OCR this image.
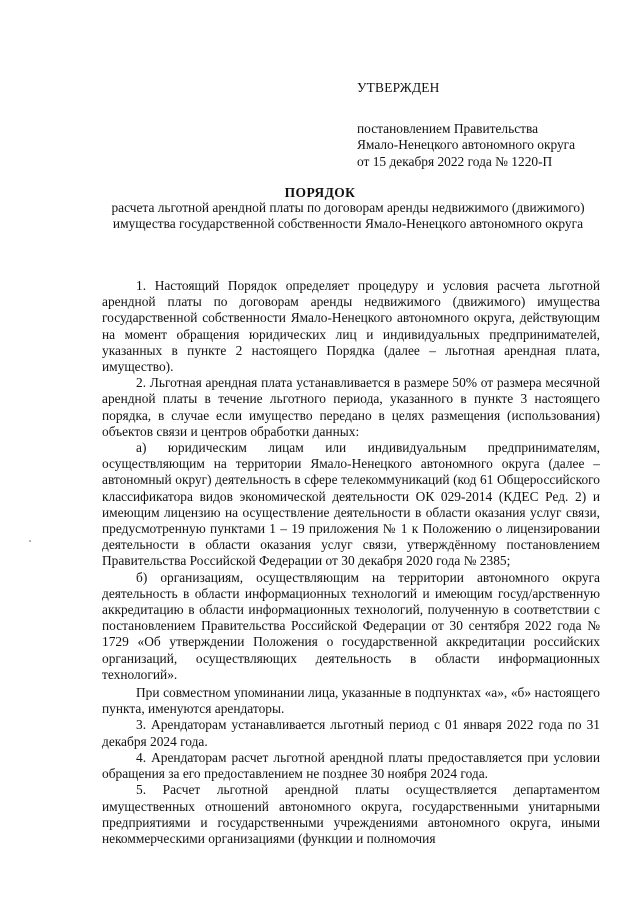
УТВЕРЖДЕН

постановлением Правительства

Ямало-Ненецкого автономного округа

от 15 декабря 2022 года № 1220-П

ПОРЯДОК

расчета льготной арендной платы по договорам аренды недвижимого (движимого) имущества государственной собственности Ямало-Ненецкого автономного округа

1. Настоящий Порядок определяет процедуру и условия расчета льготной арендной платы по договорам аренды недвижимого (движимого) имущества государственной собственности Ямало-Ненецкого автономного округа, действующим на момент обращения юридических лиц и индивидуальных предпринимателей, указанных в пункте 2 настоящего Порядка (далее – льготная арендная плата, имущество).

2. Льготная арендная плата устанавливается в размере 50% от размера месячной арендной платы в течение льготного периода, указанного в пункте 3 настоящего порядка, в случае если имущество передано в целях размещения (использования) объектов связи и центров обработки данных:

а) юридическим лицам или индивидуальным предпринимателям, осуществляющим на территории Ямало-Ненецкого автономного округа (далее – автономный округ) деятельность в сфере телекоммуникаций (код 61 Общероссийского классификатора видов экономической деятельности ОК 029-2014 (КДЕС Ред. 2) и имеющим лицензию на осуществление деятельности в области оказания услуг связи, предусмотренную пунктами 1 – 19 приложения № 1 к Положению о лицензировании деятельности в области оказания услуг связи, утверждённому постановлением Правительства Российской Федерации от 30 декабря 2020 года № 2385;

б) организациям, осуществляющим на территории автономного округа деятельность в области информационных технологий и имеющим госуд/арственную аккредитацию в области информационных технологий, полученную в соответствии с постановлением Правительства Российской Федерации от 30 сентября 2022 года № 1729 «Об утверждении Положения о государственной аккредитации российских организаций, осуществляющих деятельность в области информационных технологий».

При совместном упоминании лица, указанные в подпунктах «а», «б» настоящего пункта, именуются арендаторы.

3. Арендаторам устанавливается льготный период с 01 января 2022 года по 31 декабря 2024 года.

4. Арендаторам расчет льготной арендной платы предоставляется при условии обращения за его предоставлением не позднее 30 ноября 2024 года.

5. Расчет льготной арендной платы осуществляется департаментом имущественных отношений автономного округа, государственными унитарными предприятиями и государственными учреждениями автономного округа, иными некоммерческими организациями (функции и полномочия
